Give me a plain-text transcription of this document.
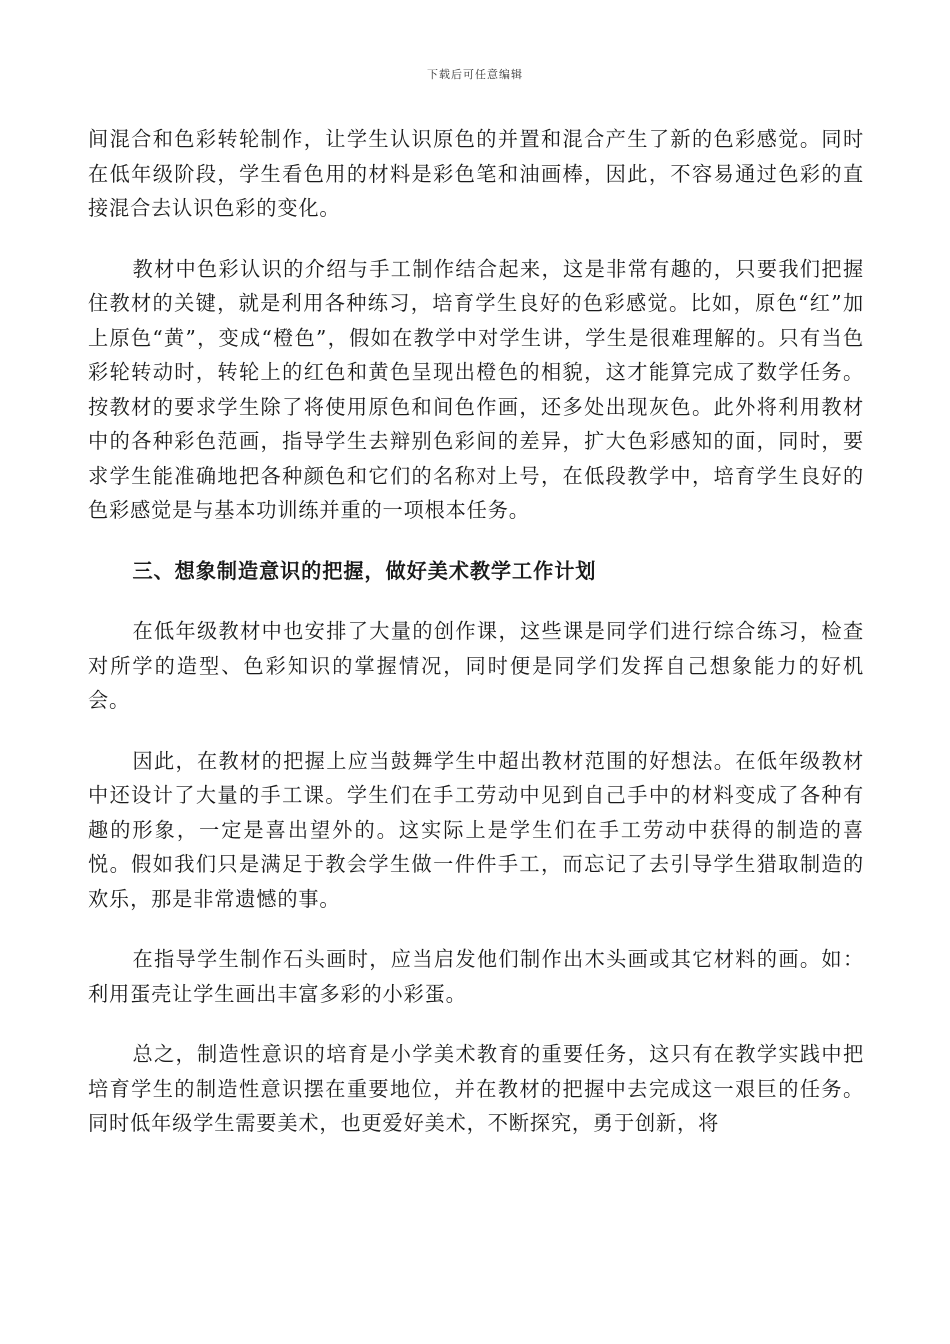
下载后可任意编辑

间混合和色彩转轮制作，让学生认识原色的并置和混合产生了新的色彩感觉。同时在低年级阶段，学生看色用的材料是彩色笔和油画棒，因此，不容易通过色彩的直接混合去认识色彩的变化。

教材中色彩认识的介绍与手工制作结合起来，这是非常有趣的，只要我们把握住教材的关键，就是利用各种练习，培育学生良好的色彩感觉。比如，原色“红”加上原色“黄”，变成“橙色”，假如在教学中对学生讲，学生是很难理解的。只有当色彩轮转动时，转轮上的红色和黄色呈现出橙色的相貌，这才能算完成了数学任务。按教材的要求学生除了将使用原色和间色作画，还多处出现灰色。此外将利用教材中的各种彩色范画，指导学生去辩别色彩间的差异，扩大色彩感知的面，同时，要求学生能准确地把各种颜色和它们的名称对上号，在低段教学中，培育学生良好的色彩感觉是与基本功训练并重的一项根本任务。

三、想象制造意识的把握，做好美术教学工作计划

在低年级教材中也安排了大量的创作课，这些课是同学们进行综合练习，检查对所学的造型、色彩知识的掌握情况，同时便是同学们发挥自己想象能力的好机会。

因此，在教材的把握上应当鼓舞学生中超出教材范围的好想法。在低年级教材中还设计了大量的手工课。学生们在手工劳动中见到自己手中的材料变成了各种有趣的形象，一定是喜出望外的。这实际上是学生们在手工劳动中获得的制造的喜悦。假如我们只是满足于教会学生做一件件手工，而忘记了去引导学生猎取制造的欢乐，那是非常遗憾的事。

在指导学生制作石头画时，应当启发他们制作出木头画或其它材料的画。如：利用蛋壳让学生画出丰富多彩的小彩蛋。

总之，制造性意识的培育是小学美术教育的重要任务，这只有在教学实践中把培育学生的制造性意识摆在重要地位，并在教材的把握中去完成这一艰巨的任务。同时低年级学生需要美术，也更爱好美术，不断探究，勇于创新，将
